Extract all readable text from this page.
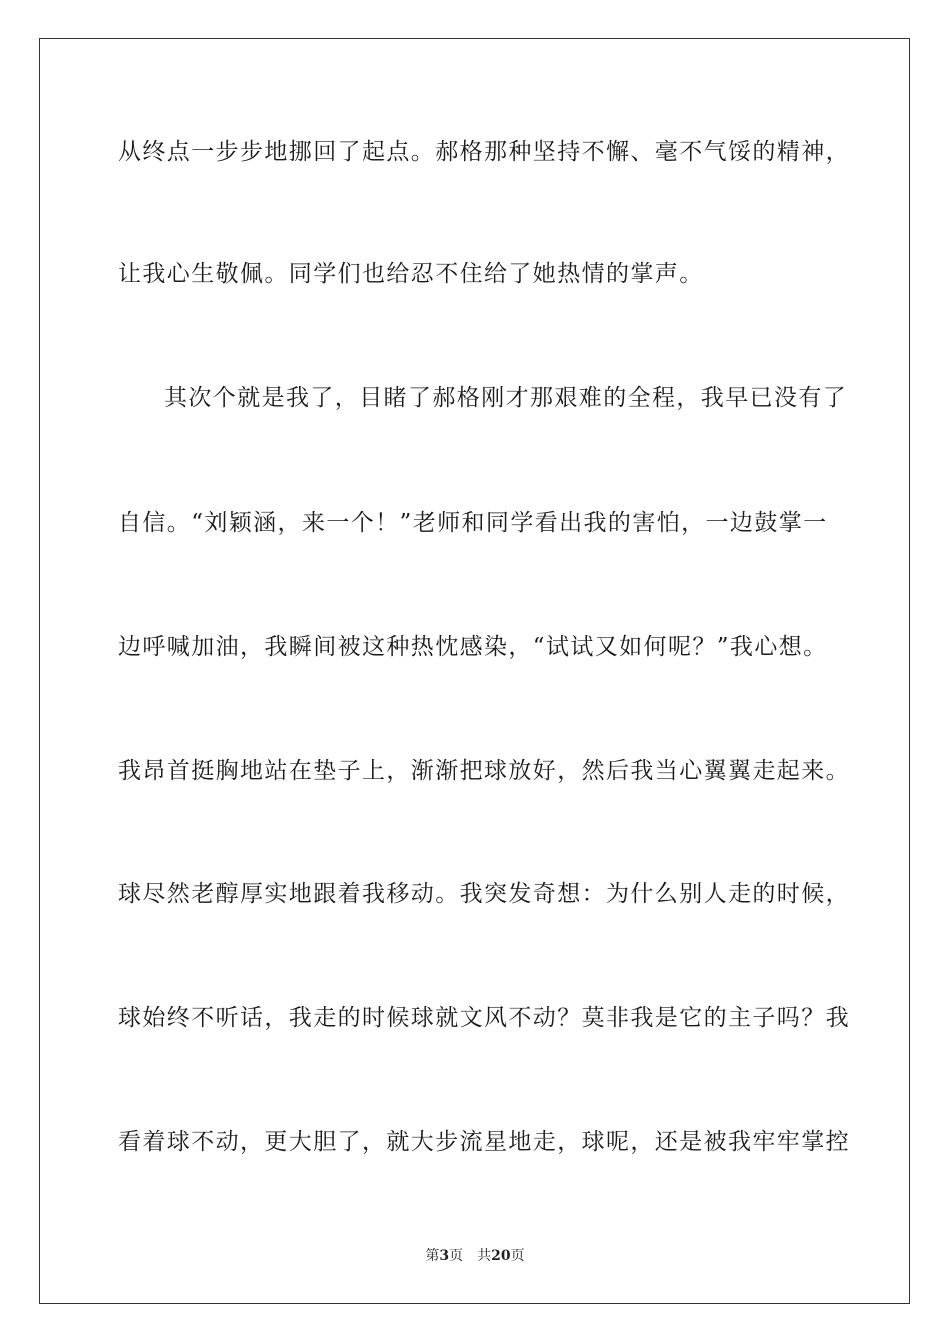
从终点一步步地挪回了起点。郝格那种坚持不懈、毫不气馁的精神，
让我心生敬佩。同学们也给忍不住给了她热情的掌声。
其次个就是我了，目睹了郝格刚才那艰难的全程，我早已没有了
自信。“刘颖涵，来一个！”老师和同学看出我的害怕，一边鼓掌一
边呼喊加油，我瞬间被这种热忱感染，“试试又如何呢？”我心想。
我昂首挺胸地站在垫子上，渐渐把球放好，然后我当心翼翼走起来。
球尽然老醇厚实地跟着我移动。我突发奇想：为什么别人走的时候，
球始终不听话，我走的时候球就文风不动？莫非我是它的主子吗？我
看着球不动，更大胆了，就大步流星地走，球呢，还是被我牢牢掌控
第3页 共20页
